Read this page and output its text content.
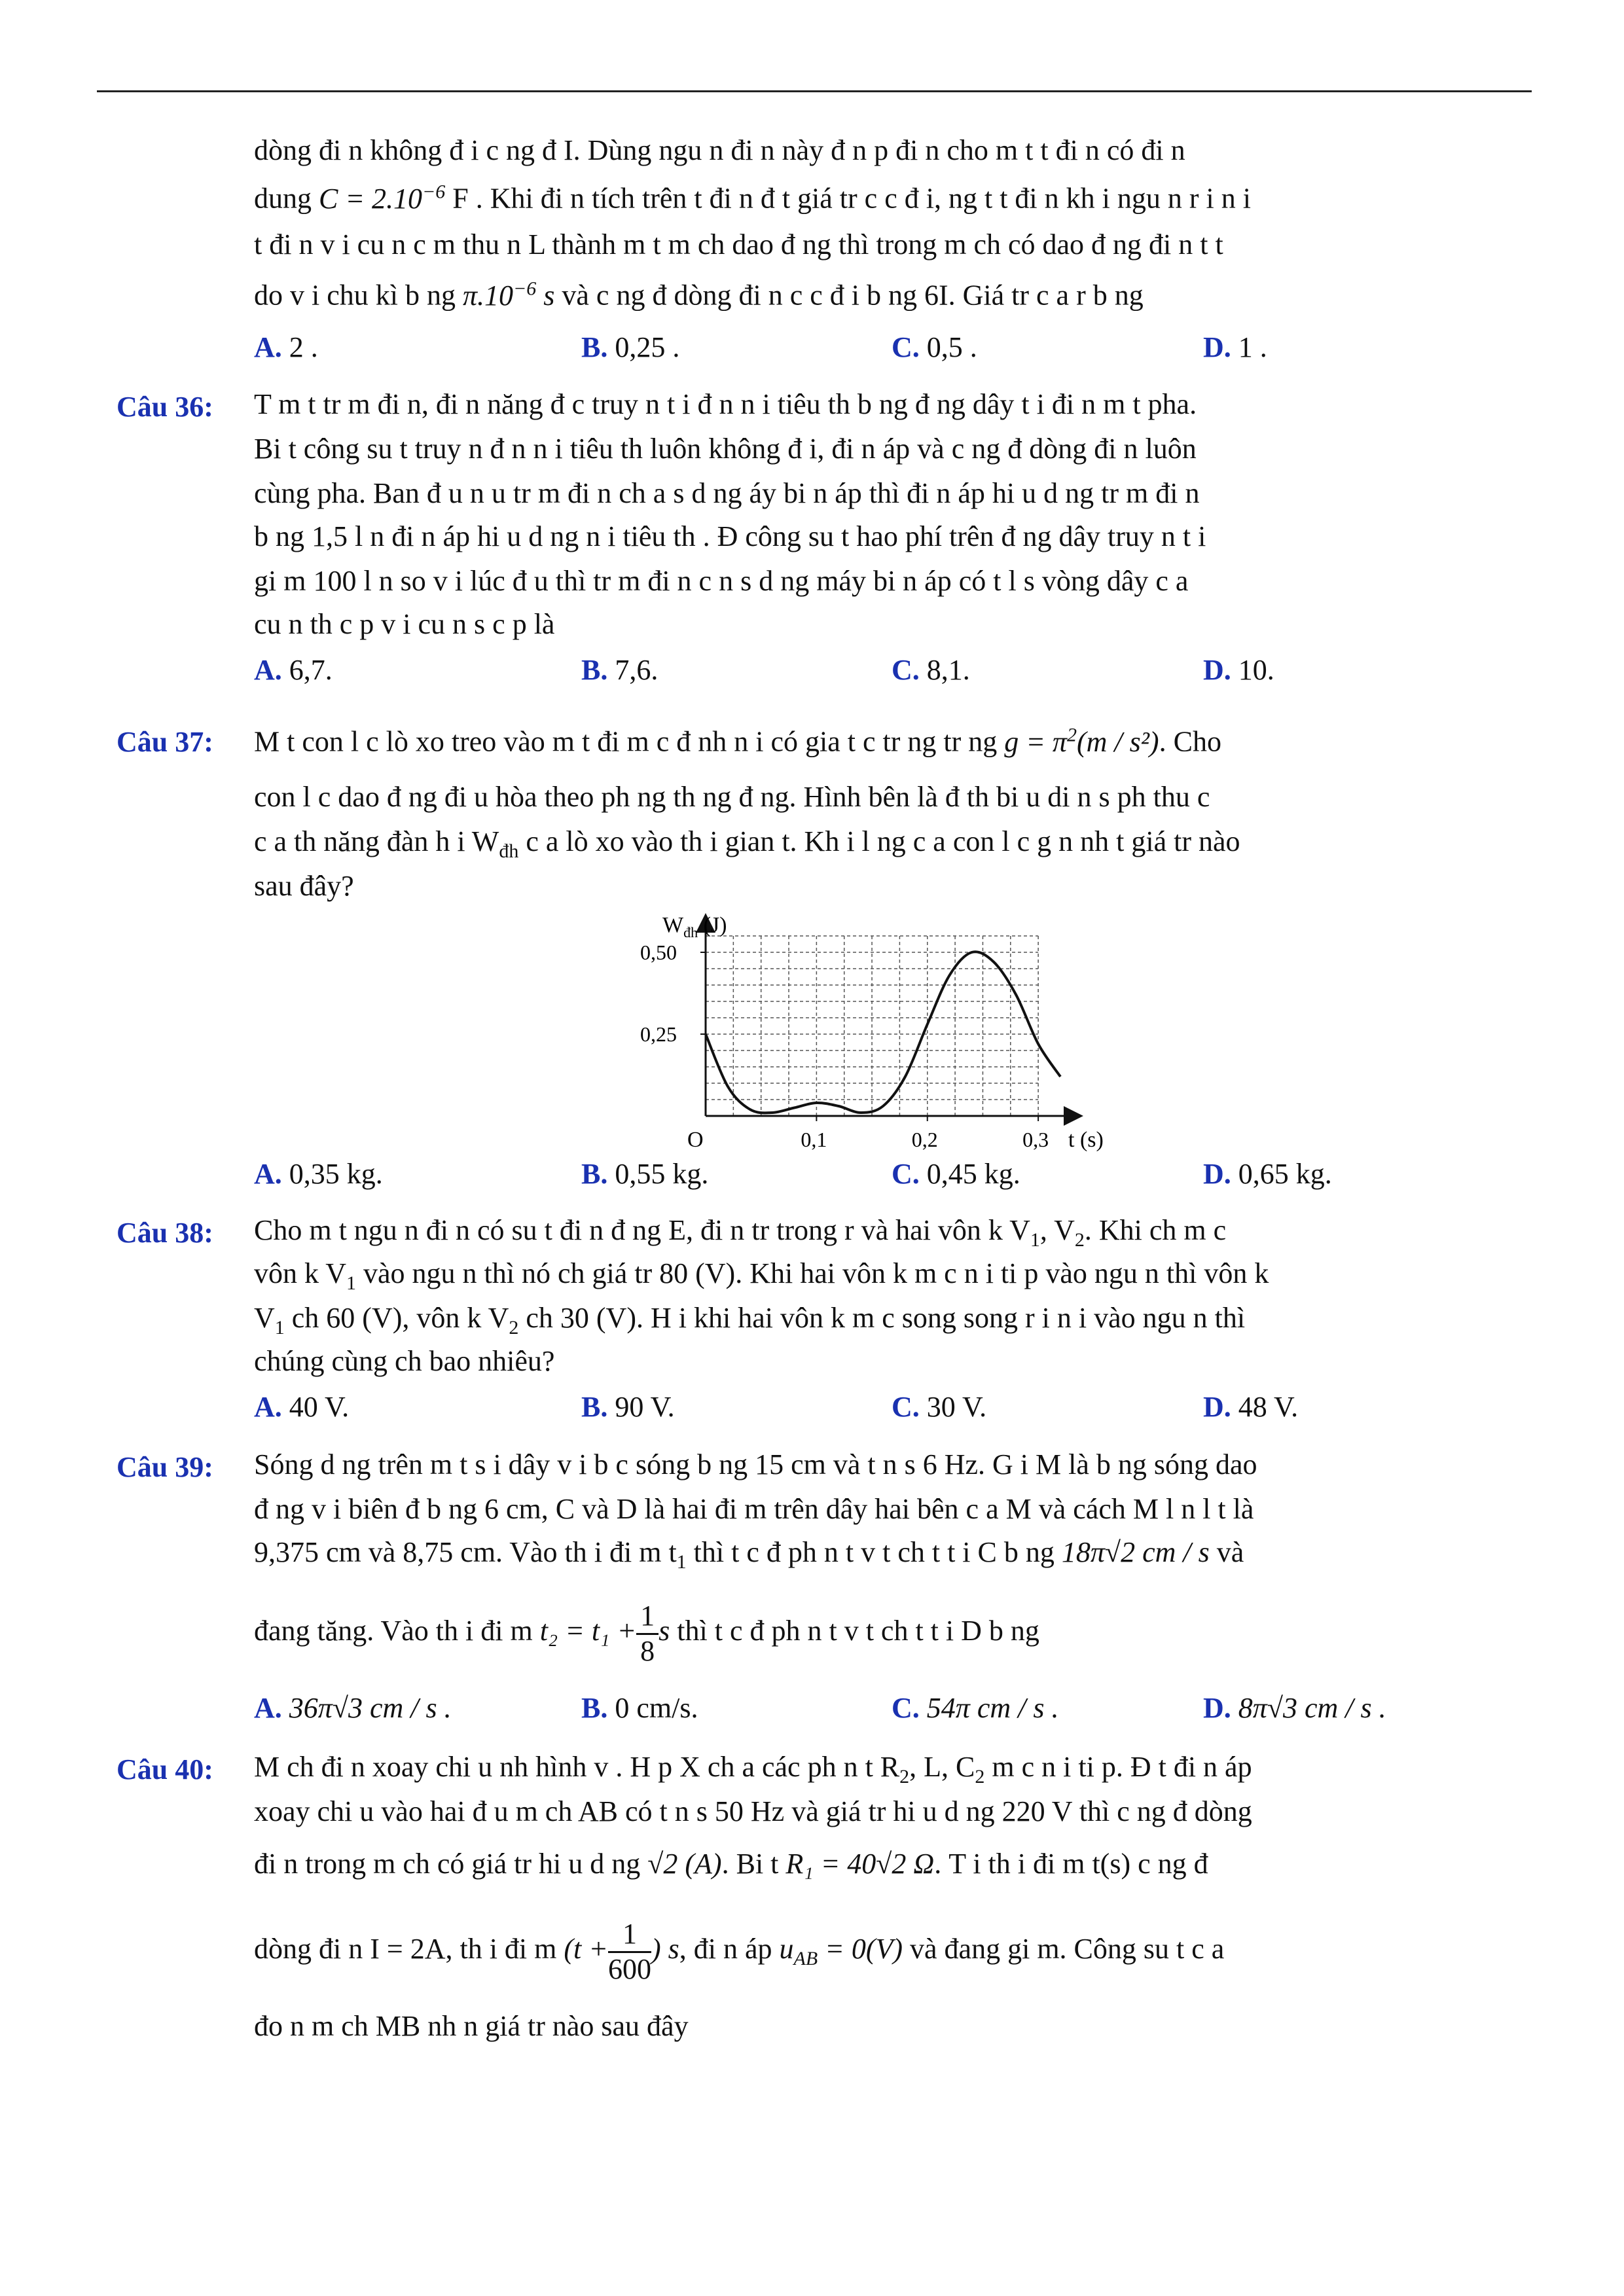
dòng đi n không đ i c ng đ I. Dùng ngu n đi n này đ n p đi n cho m t t đi n có đi n
dung $C = 2.10^{-6}$ F . Khi đi n tích trên t đi n đ t giá tr c c đ i, ng t t đi n kh i ngu n r i n i
t đi n v i cu n c m thu n L thành m t m ch dao đ ng thì trong m ch có dao đ ng đi n t t
do v i chu kì b ng $\pi.10^{-6}$ s và c ng đ dòng đi n c c đ i b ng 6I. Giá tr c a r b ng
A. 2 .	B. 0,25 .	C. 0,5 .	D. 1 .
Câu 36: T m t tr m đi n, đi n năng đ c truy n t i đ n n i tiêu th b ng đ ng dây t i đi n m t pha.
Bi t công su t truy n đ n n i tiêu th luôn không đ i, đi n áp và c ng đ dòng đi n luôn
cùng pha. Ban đ u n u tr m đi n ch a s d ng áy bi n áp thì đi n áp hi u d ng tr m đi n
b ng 1,5 l n đi n áp hi u d ng n i tiêu th . Đ công su t hao phí trên đ ng dây truy n t i
gi m 100 l n so v i lúc đ u thì tr m đi n c n s d ng máy bi n áp có t l s vòng dây c a
cu n th c p v i cu n s c p là
A. 6,7.	B. 7,6.	C. 8,1.	D. 10.
Câu 37: M t con l c lò xo treo vào m t đi m c đ nh n i có gia t c tr ng tr ng $g = \pi^2(m / s^2)$. Cho
con l c dao đ ng đi u hòa theo ph ng th ng đ ng. Hình bên là đ th bi u di n s ph thu c
c a th năng đàn h i $W_{đh}$ c a lò xo vào th i gian t. Kh i l ng c a con l c g n nh t giá tr nào
sau đây?
0,1	0,2	0,3
0,25
0,50
$W_{đh}$ (J)
O	t (s)
A. 0,35 kg.	B. 0,55 kg.	C. 0,45 kg.	D. 0,65 kg.
Câu 38: Cho m t ngu n đi n có su t đi n đ ng E, đi n tr trong r và hai vôn k $V_1$, $V_2$. Khi ch m c
vôn k $V_1$ vào ngu n thì nó ch giá tr 80 (V). Khi hai vôn k m c n i ti p vào ngu n thì vôn k
$V_1$ ch 60 (V), vôn k $V_2$ ch 30 (V). H i khi hai vôn k m c song song r i n i vào ngu n thì
chúng cùng ch bao nhiêu?
A. 40 V.	B. 90 V.	C. 30 V.	D. 48 V.
Câu 39: Sóng d ng trên m t s i dây v i b c sóng b ng 15 cm và t n s 6 Hz. G i M là b ng sóng dao
đ ng v i biên đ b ng 6 cm, C và D là hai đi m trên dây hai bên c a M và cách M l n l t là
9,375 cm và 8,75 cm. Vào th i đi m $t_1$ thì t c đ ph n t v t ch t t i C b ng 18π√2 cm / s và
đang tăng. Vào th i đi m $t_2 = t_1 + \frac{1}{8}$ s thì t c đ ph n t v t ch t t i D b ng
A. 36π√3 cm / s .	B. 0 cm/s.	C. 54π cm / s .	D. 8π√3 cm / s .
Câu 40: M ch đi n xoay chi u nh hình v . H p X ch a các ph n t $R_2$, L, $C_2$ m c n i ti p. Đ t đi n áp
xoay chi u vào hai đ u m ch AB có t n s 50 Hz và giá tr hi u d ng 220 V thì c ng đ dòng
đi n trong m ch có giá tr hi u d ng √2 (A). Bi t R₁ = 40√2 Ω. T i th i đi m t(s) c ng đ
dòng đi n I = 2A, th i đi m ($t + \frac{1}{600}$ ) s, đi n áp $u_{AB} = 0(V)$ và đang gi m. Công su t c a
đo n m ch MB nh n giá tr nào sau đây
